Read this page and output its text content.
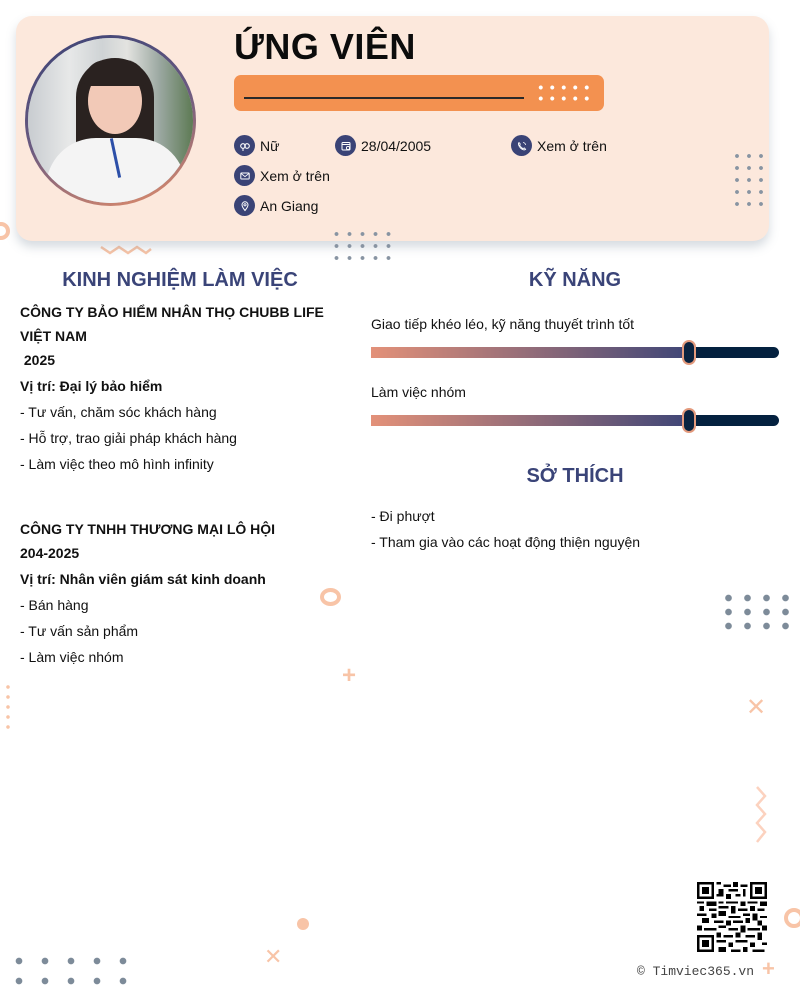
ỨNG VIÊN
Nữ	28/04/2005	Xem ở trên
Xem ở trên
An Giang
KINH NGHIỆM LÀM VIỆC
CÔNG TY BẢO HIỂM NHÂN THỌ CHUBB LIFE VIỆT NAM
2025
Vị trí: Đại lý bảo hiểm
- Tư vấn, chăm sóc khách hàng
- Hỗ trợ, trao giải pháp khách hàng
- Làm việc theo mô hình infinity
CÔNG TY TNHH THƯƠNG MẠI LÔ HỘI
204-2025
Vị trí: Nhân viên giám sát kinh doanh
- Bán hàng
- Tư vấn sản phẩm
- Làm việc nhóm
KỸ NĂNG
Giao tiếp khéo léo, kỹ năng thuyết trình tốt
Làm việc nhóm
SỞ THÍCH
- Đi phượt
- Tham gia vào các hoạt động thiện nguyện
+
✕
✕	+
© Timviec365.vn
